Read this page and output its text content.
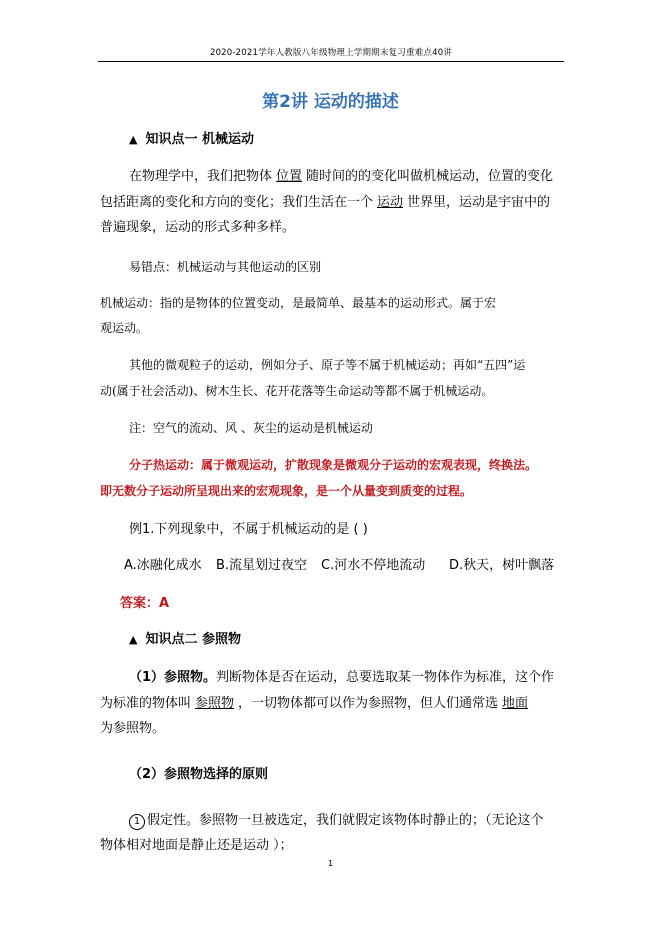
2020-2021学年人教版八年级物理上学期期末复习重难点40讲
第2讲 运动的描述
▲ 知识点一 机械运动
在物理学中，我们把物体 位置 随时间的的变化叫做机械运动，位置的变化
包括距离的变化和方向的变化；我们生活在一个 运动 世界里，运动是宇宙中的
普遍现象，运动的形式多种多样。
易错点：机械运动与其他运动的区别
机械运动：指的是物体的位置变动，是最简单、最基本的运动形式。属于宏
观运动。
其他的微观粒子的运动，例如分子、原子等不属于机械运动；再如“五四”运
动(属于社会活动)、树木生长、花开花落等生命运动等都不属于机械运动。
注：空气的流动、风 、灰尘的运动是机械运动
分子热运动：属于微观运动，扩散现象是微观分子运动的宏观表现，终换法。
即无数分子运动所呈现出来的宏观现象，是一个从量变到质变的过程。
例1.下列现象中，不属于机械运动的是 ( )
A.冰融化成水 B.流星划过夜空 C.河水不停地流动 D.秋天，树叶飘落
答案：A
▲ 知识点二 参照物
（1）参照物。判断物体是否在运动，总要选取某一物体作为标准，这个作
为标准的物体叫 参照物 ，一切物体都可以作为参照物，但人们通常选 地面
为参照物。
（2）参照物选择的原则
1 假定性。参照物一旦被选定，我们就假定该物体时静止的；（无论这个
物体相对地面是静止还是运动 ）；
1
